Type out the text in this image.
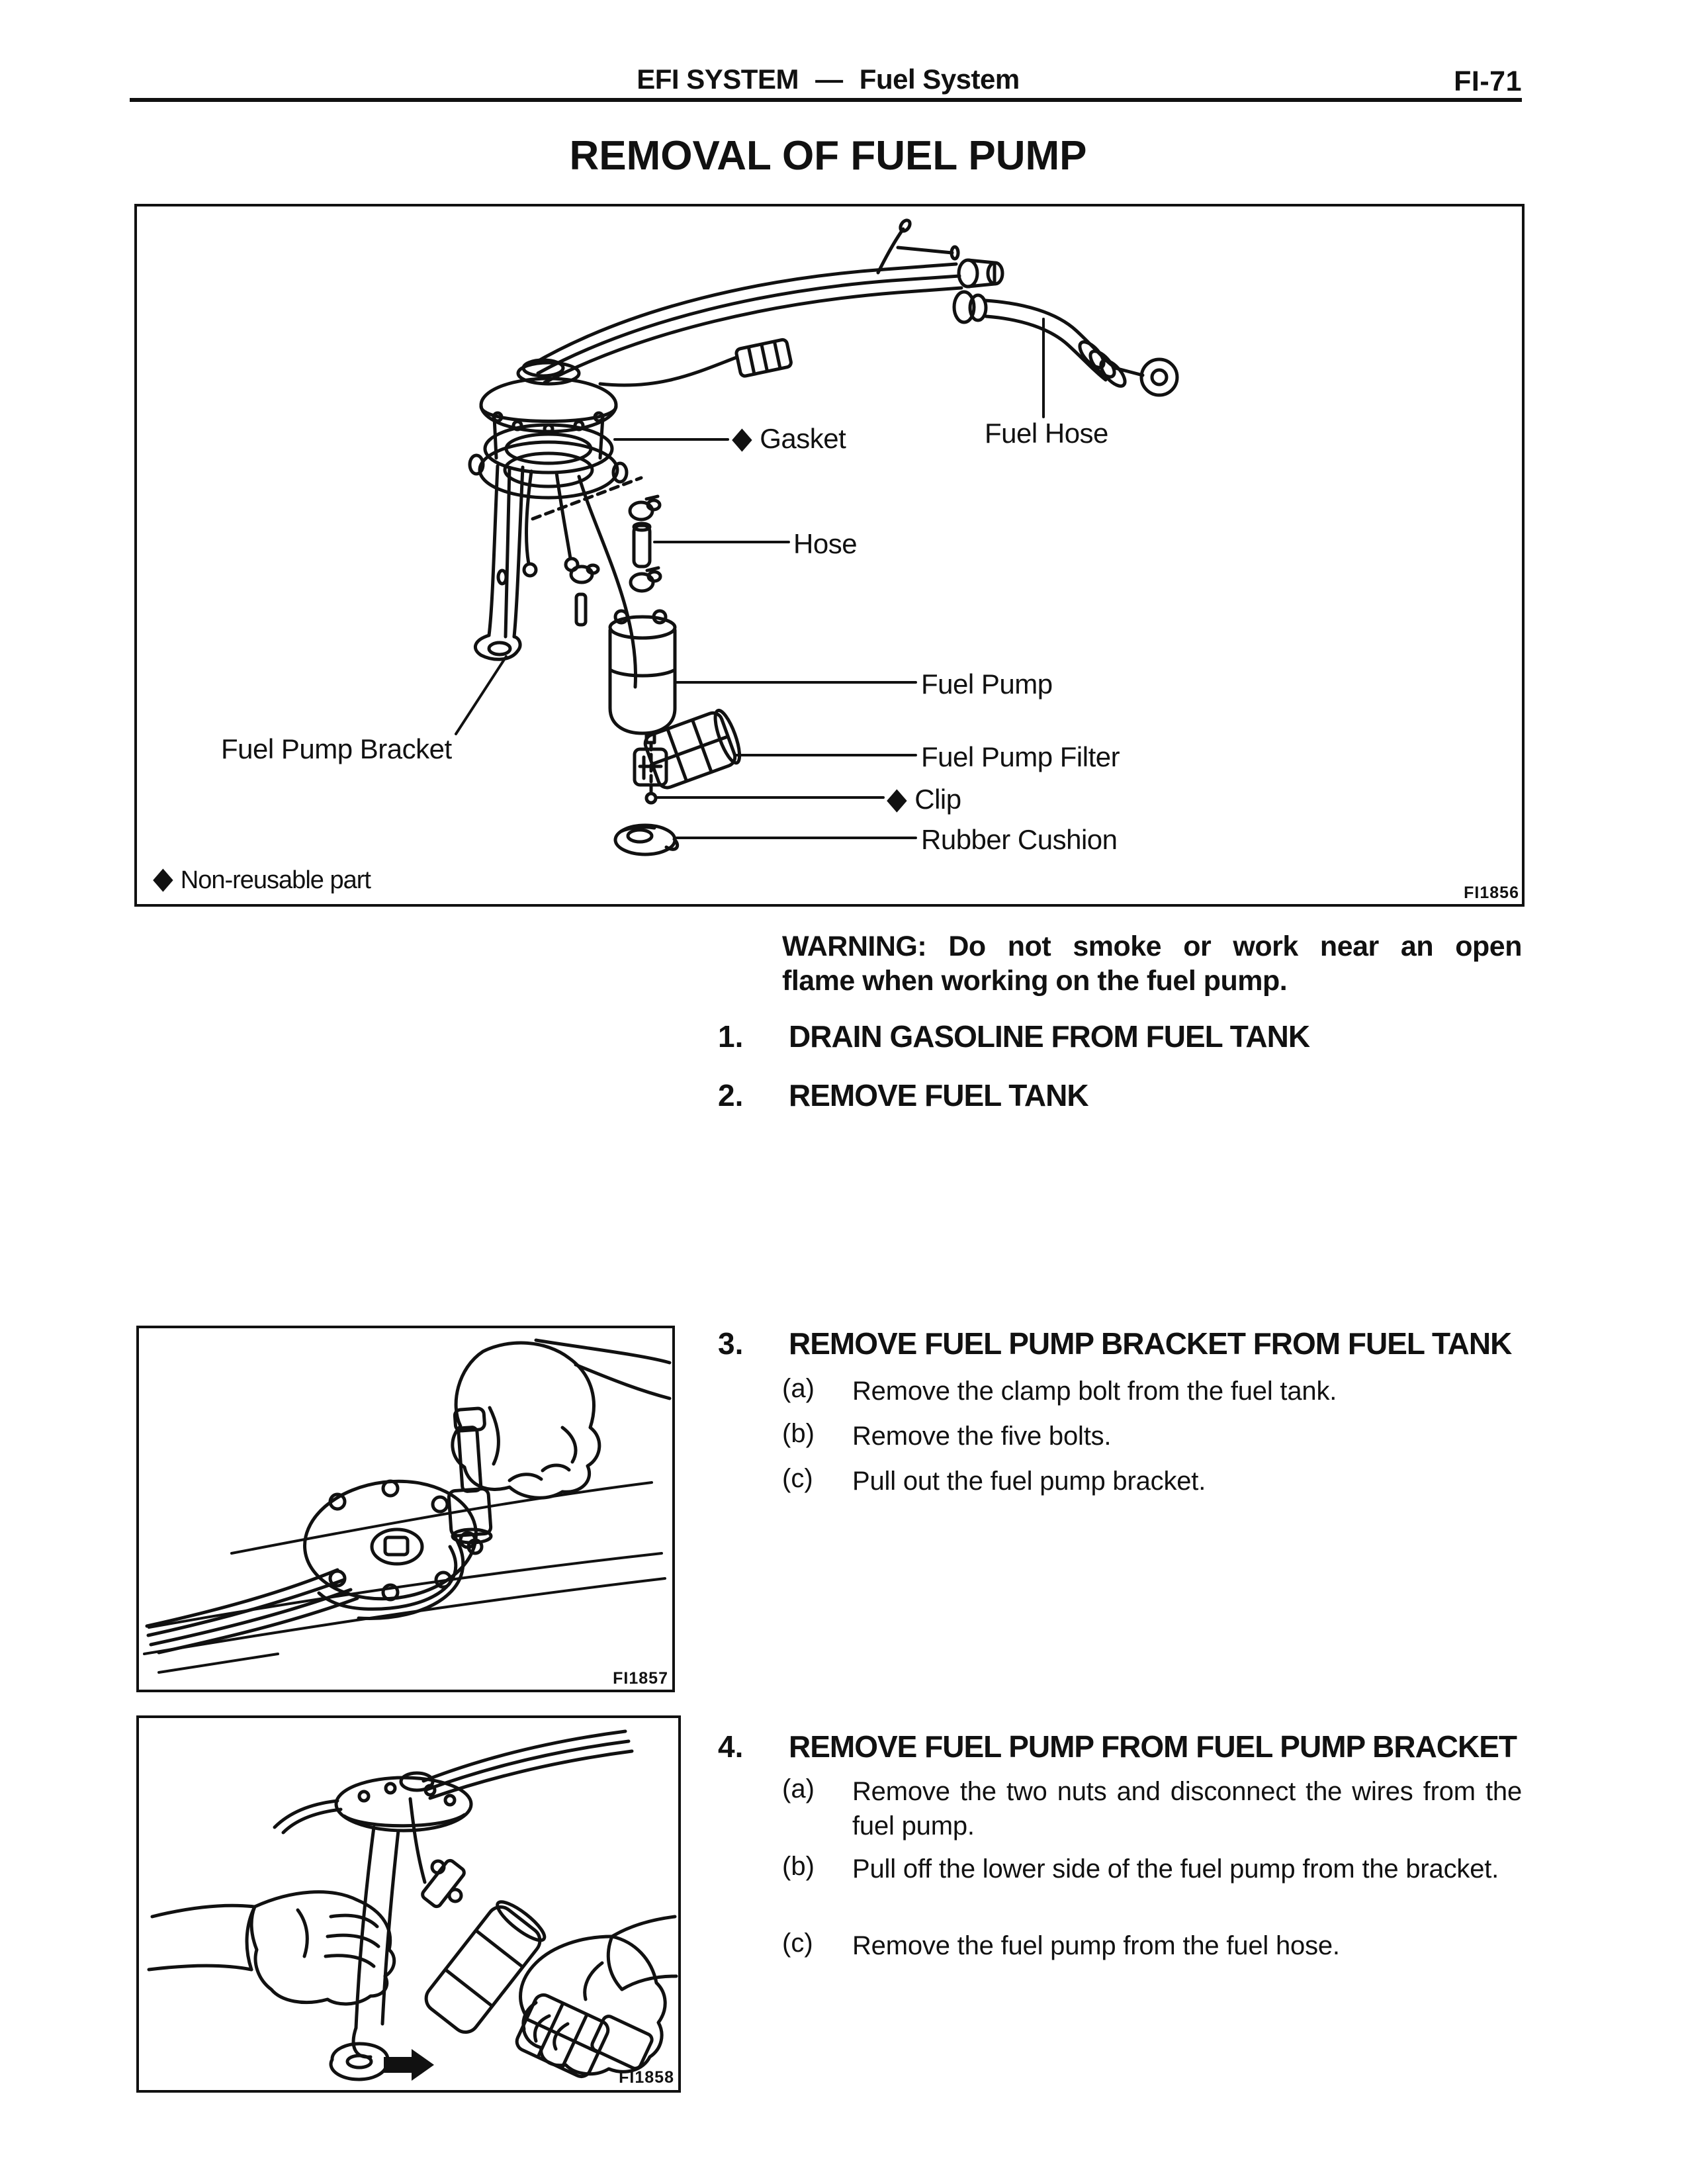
EFI SYSTEM — Fuel System	FI-71
REMOVAL OF FUEL PUMP
◆ Gasket	Fuel Hose
Hose
Fuel Pump
Fuel Pump Filter
◆ Clip
Rubber Cushion
Fuel Pump Bracket
◆ Non-reusable part	FI1856
WARNING: Do not smoke or work near an open
flame when working on the fuel pump.
1. DRAIN GASOLINE FROM FUEL TANK
2. REMOVE FUEL TANK
FI1857
3. REMOVE FUEL PUMP BRACKET FROM FUEL TANK
(a) Remove the clamp bolt from the fuel tank.
(b) Remove the five bolts.
(c) Pull out the fuel pump bracket.
FI1858
4. REMOVE FUEL PUMP FROM FUEL PUMP BRACKET
(a) Remove the two nuts and disconnect the wires from the fuel pump.
(b) Pull off the lower side of the fuel pump from the bracket.
(c) Remove the fuel pump from the fuel hose.
